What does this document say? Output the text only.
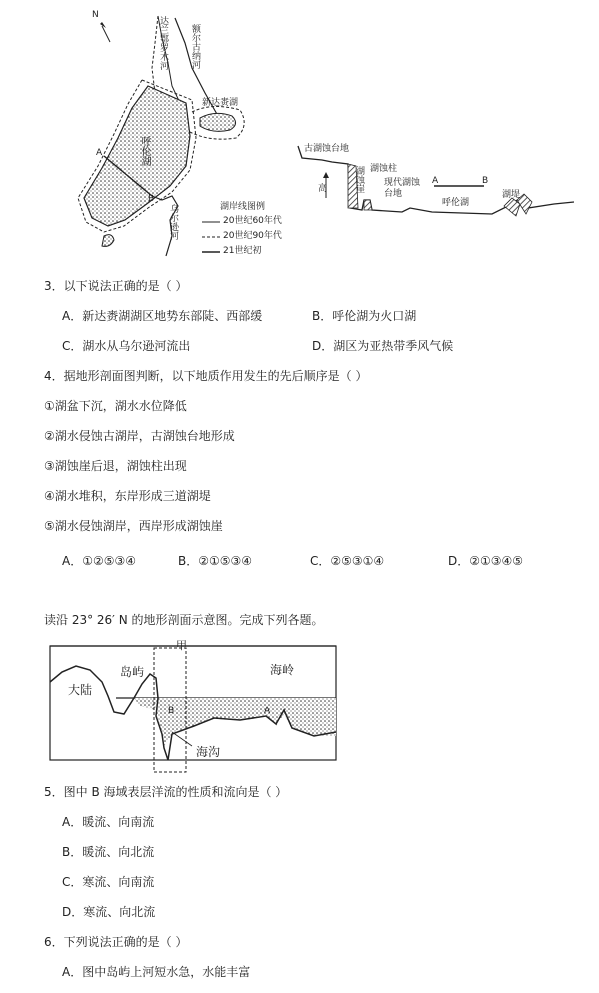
N
达兰鄂罗木河 额尔古纳河
新达赉湖
呼伦湖
A
B
乌尔逊河	湖岸线图例
20世纪60年代
20世纪90年代
21世纪初
古湖蚀台地
湖蚀崖 湖蚀柱
现代湖蚀台地
A	B
呼伦湖
湖堤
高
3．以下说法正确的是（ ）
A．新达赉湖湖区地势东部陡、西部缓	B．呼伦湖为火口湖
C．湖水从乌尔逊河流出	D．湖区为亚热带季风气候
4．据地形剖面图判断，以下地质作用发生的先后顺序是（ ）
①湖盆下沉，湖水水位降低
②湖水侵蚀古湖岸，古湖蚀台地形成
③湖蚀崖后退，湖蚀柱出现
④湖水堆积，东岸形成三道湖堤
⑤湖水侵蚀湖岸，西岸形成湖蚀崖
A．①②⑤③④	B．②①⑤③④	C．②⑤③①④	D．②①③④⑤
读沿 23° 26′ N 的地形剖面示意图。完成下列各题。
甲
大陆
岛屿	海岭
海沟
B	A
5．图中 B 海域表层洋流的性质和流向是（ ）
A．暖流、向南流
B．暖流、向北流
C．寒流、向南流
D．寒流、向北流
6．下列说法正确的是（ ）
A．图中岛屿上河短水急，水能丰富
